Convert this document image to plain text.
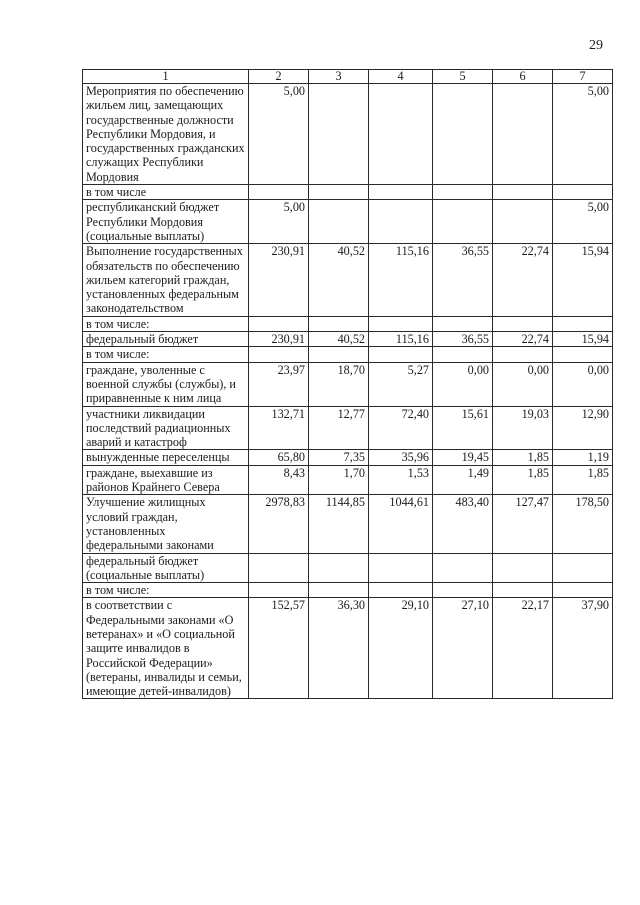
29
1	2	3	4	5	6	7
Мероприятия по обеспечению жильем лиц, замещающих государственные должности Республики Мордовия, и государственных гражданских служащих Республики Мордовия	5,00					5,00
в том числе						
республиканский бюджет Республики Мордовия (социальные выплаты)	5,00					5,00
Выполнение государственных обязательств по обеспечению жильем категорий граждан, установленных федеральным законодательством	230,91	40,52	115,16	36,55	22,74	15,94
в том числе:						
федеральный бюджет	230,91	40,52	115,16	36,55	22,74	15,94
в том числе:						
граждане, уволенные с военной службы (службы), и приравненные к ним лица	23,97	18,70	5,27	0,00	0,00	0,00
участники ликвидации последствий радиационных аварий и катастроф	132,71	12,77	72,40	15,61	19,03	12,90
вынужденные переселенцы	65,80	7,35	35,96	19,45	1,85	1,19
граждане, выехавшие из районов Крайнего Севера	8,43	1,70	1,53	1,49	1,85	1,85
Улучшение жилищных условий граждан, установленных федеральными законами	2978,83	1144,85	1044,61	483,40	127,47	178,50
федеральный бюджет (социальные выплаты)						
в том числе:						
в соответствии с Федеральными законами «О ветеранах» и «О социальной защите инвалидов в Российской Федерации» (ветераны, инвалиды и семьи, имеющие детей-инвалидов)	152,57	36,30	29,10	27,10	22,17	37,90
